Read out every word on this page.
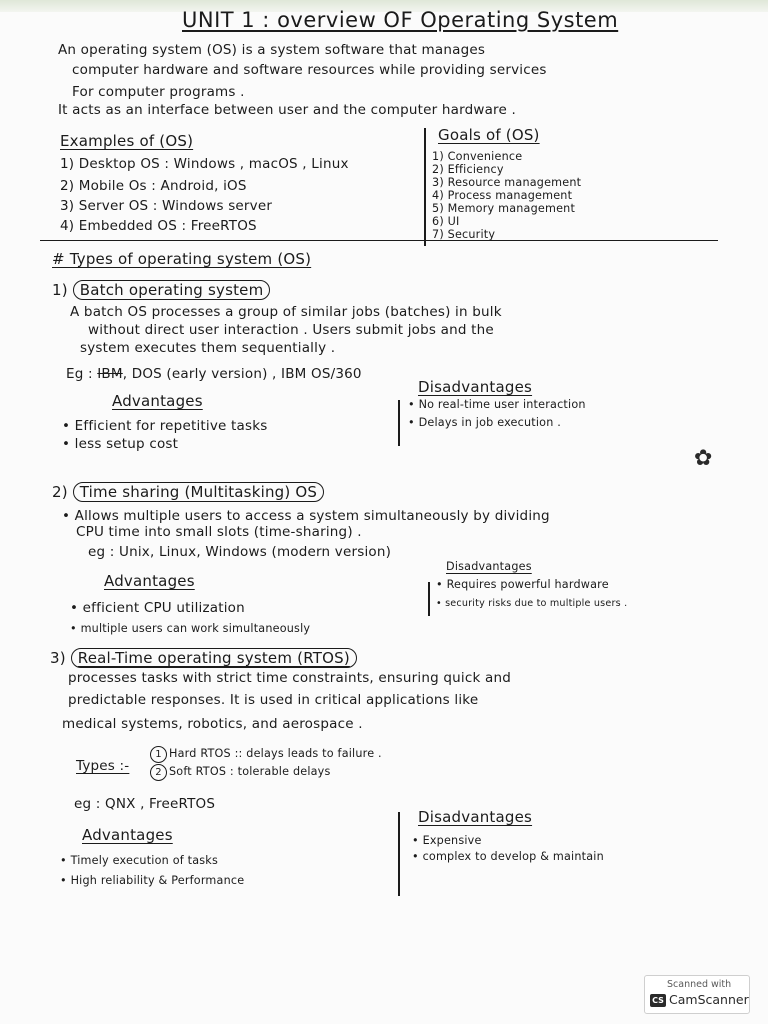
UNIT 1 : overview OF Operating System
An operating system (OS) is a system software that manages
computer hardware and software resources while providing services
For computer programs .
It acts as an interface between user and the computer hardware .
Examples of (OS)
1) Desktop OS : Windows , macOS , Linux
2) Mobile Os : Android, iOS
3) Server OS : Windows server
4) Embedded OS : FreeRTOS
Goals of (OS)
1) Convenience
2) Efficiency
3) Resource management
4) Process management
5) Memory management
6) UI
7) Security
# Types of operating system (OS)
1) Batch operating system
A batch OS processes a group of similar jobs (batches) in bulk
without direct user interaction . Users submit jobs and the
system executes them sequentially .
Eg : IBM, DOS (early version) , IBM OS/360
Advantages
• Efficient for repetitive tasks
• less setup cost
Disadvantages
• No real-time user interaction
• Delays in job execution .
✿
2) Time sharing (Multitasking) OS
• Allows multiple users to access a system simultaneously by dividing
CPU time into small slots (time-sharing) .
eg : Unix, Linux, Windows (modern version)
Advantages
• efficient CPU utilization
• multiple users can work simultaneously
Disadvantages
• Requires powerful hardware
• security risks due to multiple users .
3) Real-Time operating system (RTOS)
processes tasks with strict time constraints, ensuring quick and
predictable responses. It is used in critical applications like
medical systems, robotics, and aerospace .
Types :-
1 Hard RTOS :: delays leads to failure .
2 Soft RTOS : tolerable delays
eg : QNX , FreeRTOS
Advantages
• Timely execution of tasks
• High reliability & Performance
Disadvantages
• Expensive
• complex to develop & maintain
Scanned with
CS CamScanner
